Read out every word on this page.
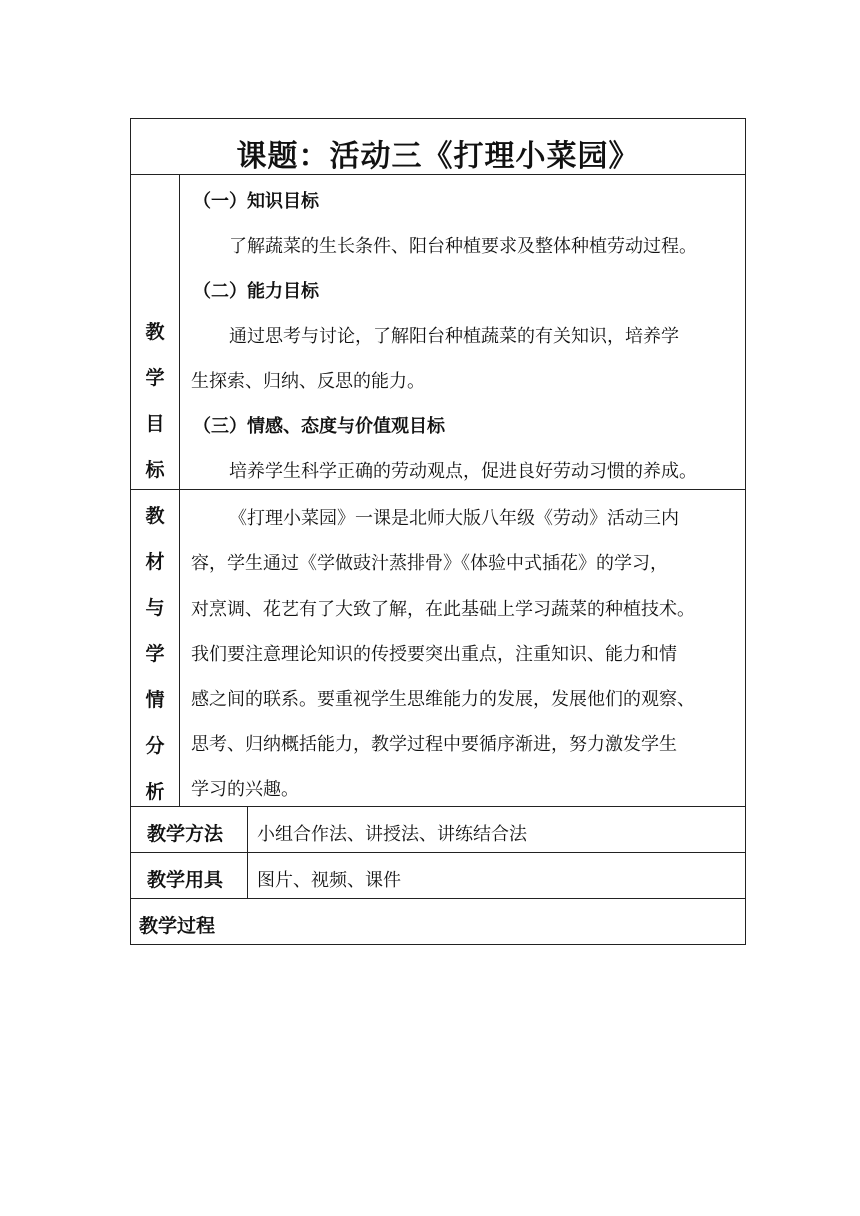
课题：活动三《打理小菜园》
教
学
目
标
（一）知识目标
了解蔬菜的生长条件、阳台种植要求及整体种植劳动过程。
（二）能力目标
通过思考与讨论，了解阳台种植蔬菜的有关知识，培养学
生探索、归纳、反思的能力。
（三）情感、态度与价值观目标
培养学生科学正确的劳动观点，促进良好劳动习惯的养成。
教
材
与
学
情
分
析
《打理小菜园》一课是北师大版八年级《劳动》活动三内
容，学生通过《学做豉汁蒸排骨》《体验中式插花》的学习，
对烹调、花艺有了大致了解，在此基础上学习蔬菜的种植技术。
我们要注意理论知识的传授要突出重点，注重知识、能力和情
感之间的联系。要重视学生思维能力的发展，发展他们的观察、
思考、归纳概括能力，教学过程中要循序渐进，努力激发学生
学习的兴趣。
教学方法 小组合作法、讲授法、讲练结合法
教学用具 图片、视频、课件
教学过程
